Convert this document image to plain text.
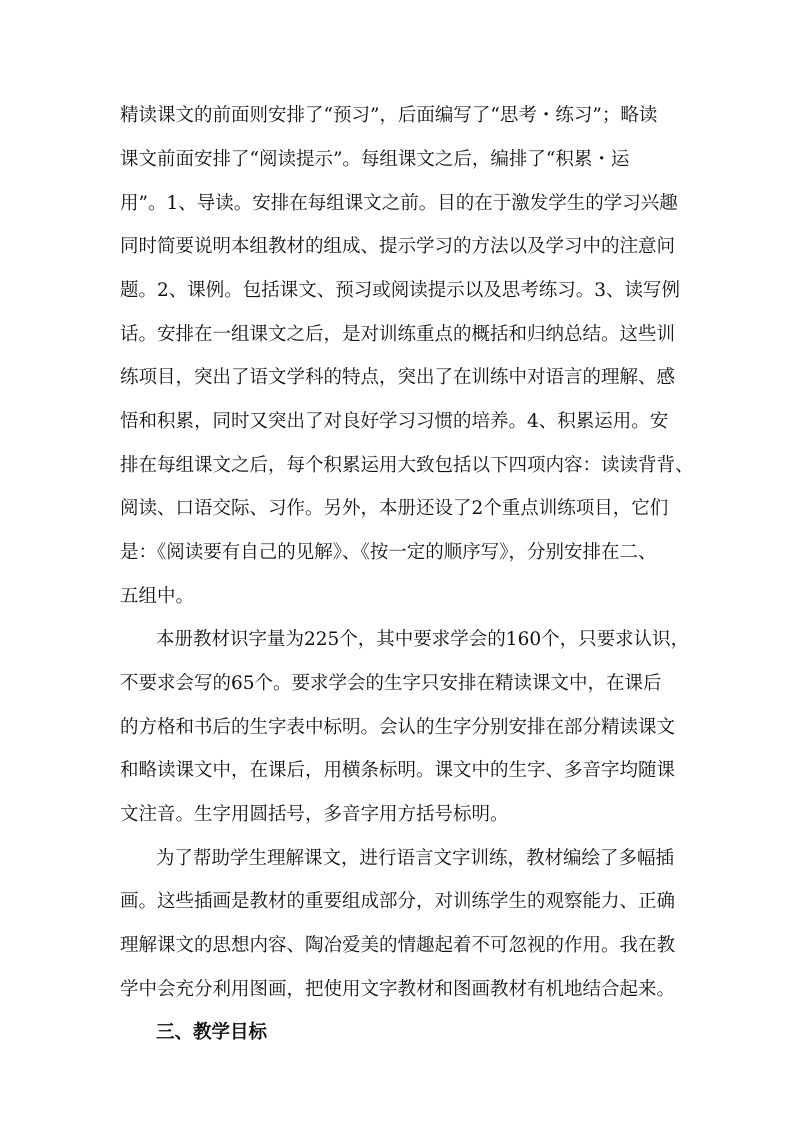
精读课文的前面则安排了“预习”，后面编写了“思考・练习”；略读
课文前面安排了“阅读提示”。每组课文之后，编排了“积累・运
用”。1、导读。安排在每组课文之前。目的在于激发学生的学习兴趣
同时简要说明本组教材的组成、提示学习的方法以及学习中的注意问
题。2、课例。包括课文、预习或阅读提示以及思考练习。3、读写例
话。安排在一组课文之后，是对训练重点的概括和归纳总结。这些训
练项目，突出了语文学科的特点，突出了在训练中对语言的理解、感
悟和积累，同时又突出了对良好学习习惯的培养。4、积累运用。安
排在每组课文之后，每个积累运用大致包括以下四项内容：读读背背、
阅读、口语交际、习作。另外，本册还设了2个重点训练项目，它们
是：《阅读要有自己的见解》、《按一定的顺序写》，分别安排在二、
五组中。
本册教材识字量为225个，其中要求学会的160个，只要求认识，
不要求会写的65个。要求学会的生字只安排在精读课文中，在课后
的方格和书后的生字表中标明。会认的生字分别安排在部分精读课文
和略读课文中，在课后，用横条标明。课文中的生字、多音字均随课
文注音。生字用圆括号，多音字用方括号标明。
为了帮助学生理解课文，进行语言文字训练，教材编绘了多幅插
画。这些插画是教材的重要组成部分，对训练学生的观察能力、正确
理解课文的思想内容、陶冶爱美的情趣起着不可忽视的作用。我在教
学中会充分利用图画，把使用文字教材和图画教材有机地结合起来。
三、教学目标
